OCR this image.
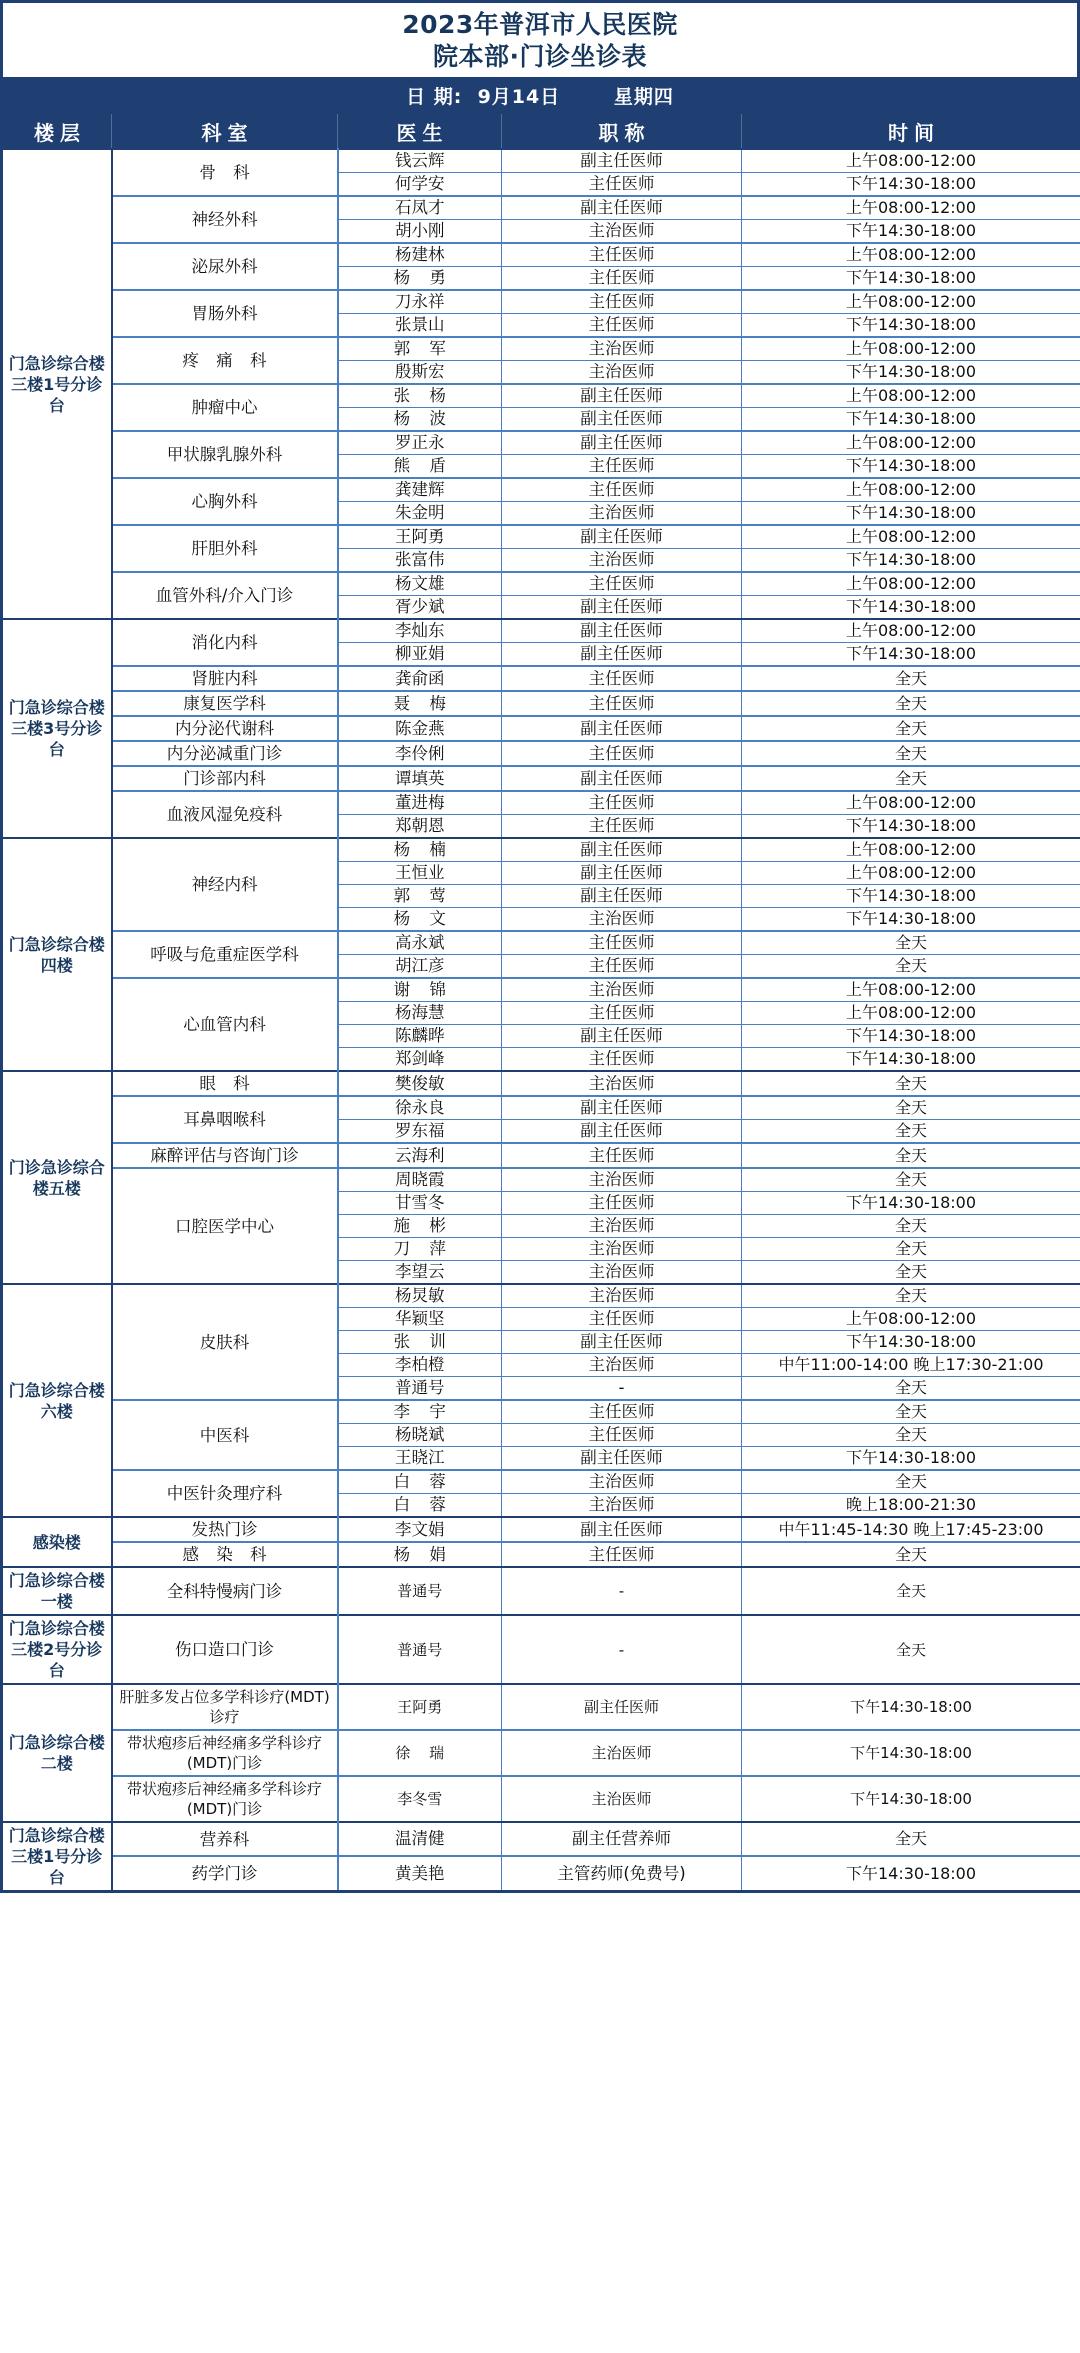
2023年普洱市人民医院
院本部·门诊坐诊表
日 期: 9月14日	星期四
楼层	科室	医生	职称	时间
门急诊综合楼三楼1号分诊台	骨 科	钱云辉	副主任医师	上午08:00-12:00
		何学安	主任医师	下午14:30-18:00
	神经外科	石凤才	副主任医师	上午08:00-12:00
		胡小刚	主治医师	下午14:30-18:00
	泌尿外科	杨建林	主任医师	上午08:00-12:00
		杨 勇	主任医师	下午14:30-18:00
	胃肠外科	刀永祥	主任医师	上午08:00-12:00
		张景山	主任医师	下午14:30-18:00
	疼 痛 科	郭 军	主治医师	上午08:00-12:00
		殷斯宏	主治医师	下午14:30-18:00
	肿瘤中心	张 杨	副主任医师	上午08:00-12:00
		杨 波	副主任医师	下午14:30-18:00
	甲状腺乳腺外科	罗正永	副主任医师	上午08:00-12:00
		熊 盾	主任医师	下午14:30-18:00
	心胸外科	龚建辉	主任医师	上午08:00-12:00
		朱金明	主治医师	下午14:30-18:00
	肝胆外科	王阿勇	副主任医师	上午08:00-12:00
		张富伟	主治医师	下午14:30-18:00
	血管外科/介入门诊	杨文雄	主任医师	上午08:00-12:00
		胥少斌	副主任医师	下午14:30-18:00
门急诊综合楼三楼3号分诊台	消化内科	李灿东	副主任医师	上午08:00-12:00
		柳亚娟	副主任医师	下午14:30-18:00
	肾脏内科	龚俞函	主任医师	全天
	康复医学科	聂 梅	主任医师	全天
	内分泌代谢科	陈金燕	副主任医师	全天
	内分泌减重门诊	李伶俐	主任医师	全天
	门诊部内科	谭填英	副主任医师	全天
	血液风湿免疫科	董进梅	主任医师	上午08:00-12:00
		郑朝恩	主任医师	下午14:30-18:00
门急诊综合楼四楼	神经内科	杨 楠	副主任医师	上午08:00-12:00
		王恒业	副主任医师	上午08:00-12:00
		郭 莺	副主任医师	下午14:30-18:00
		杨 文	主治医师	下午14:30-18:00
	呼吸与危重症医学科	高永斌	主任医师	全天
		胡江彦	主任医师	全天
	心血管内科	谢 锦	主治医师	上午08:00-12:00
		杨海慧	主任医师	上午08:00-12:00
		陈麟晔	副主任医师	下午14:30-18:00
		郑剑峰	主任医师	下午14:30-18:00
门诊急诊综合楼五楼	眼 科	樊俊敏	主治医师	全天
	耳鼻咽喉科	徐永良	副主任医师	全天
		罗东福	副主任医师	全天
	麻醉评估与咨询门诊	云海利	主任医师	全天
	口腔医学中心	周晓霞	主治医师	全天
		甘雪冬	主任医师	下午14:30-18:00
		施 彬	主治医师	全天
		刀 萍	主治医师	全天
		李望云	主治医师	全天
门急诊综合楼六楼	皮肤科	杨炅敏	主治医师	全天
		华颖坚	主任医师	上午08:00-12:00
		张 训	副主任医师	下午14:30-18:00
		李柏橙	主治医师	中午11:00-14:00 晚上17:30-21:00
		普通号	-	全天
	中医科	李 宇	主任医师	全天
		杨晓斌	主任医师	全天
		王晓江	副主任医师	下午14:30-18:00
	中医针灸理疗科	白 蓉	主治医师	全天
		白 蓉	主治医师	晚上18:00-21:30
感染楼	发热门诊	李文娟	副主任医师	中午11:45-14:30 晚上17:45-23:00
	感 染 科	杨 娟	主任医师	全天
门急诊综合楼一楼	全科特慢病门诊	普通号	-	全天
门急诊综合楼三楼2号分诊台	伤口造口门诊	普通号	-	全天
门急诊综合楼二楼	肝脏多发占位多学科诊疗(MDT)诊疗	王阿勇	副主任医师	下午14:30-18:00
	带状疱疹后神经痛多学科诊疗(MDT)门诊	徐 瑞	主治医师	下午14:30-18:00
	带状疱疹后神经痛多学科诊疗(MDT)门诊	李冬雪	主治医师	下午14:30-18:00
门急诊综合楼三楼1号分诊台	营养科	温清健	副主任营养师	全天
	药学门诊	黄美艳	主管药师(免费号)	下午14:30-18:00
